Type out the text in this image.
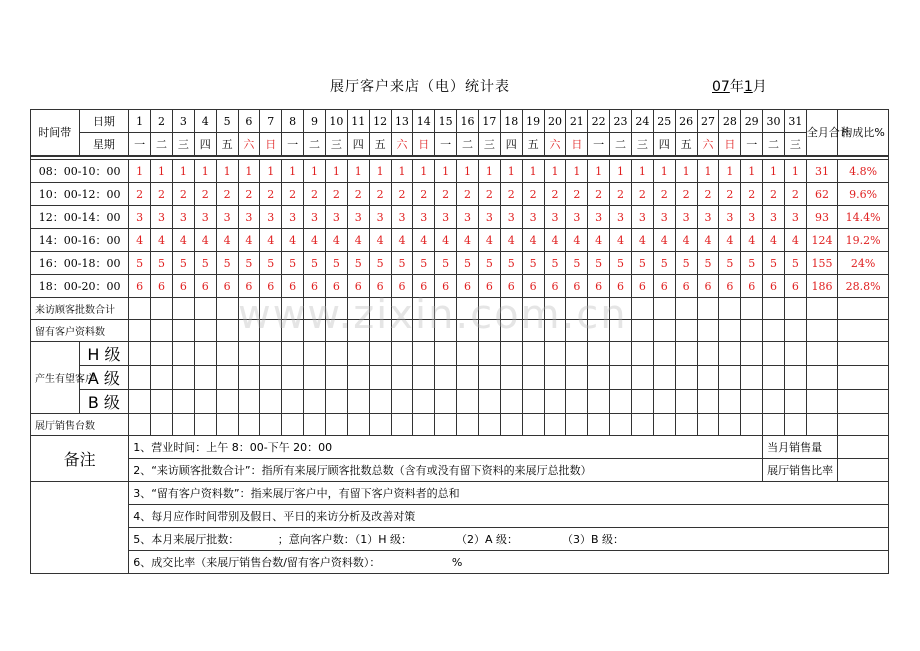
展厅客户来店（电）统计表	07年1月
时间带	日期	1	2	3	4	5	6	7	8	9	10	11	12	13	14	15	16	17	18	19	20	21	22	23	24	25	26	27	28	29	30	31	全月合计	构成比%
	星期	一	二	三	四	五	六	日	一	二	三	四	五	六	日	一	二	三	四	五	六	日	一	二	三	四	五	六	日	一	二	三		

08：00-10：00		1	1	1	1	1	1	1	1	1	1	1	1	1	1	1	1	1	1	1	1	1	1	1	1	1	1	1	1	1	1	1	31	4.8%
10：00-12：00		2	2	2	2	2	2	2	2	2	2	2	2	2	2	2	2	2	2	2	2	2	2	2	2	2	2	2	2	2	2	2	62	9.6%
12：00-14：00		3	3	3	3	3	3	3	3	3	3	3	3	3	3	3	3	3	3	3	3	3	3	3	3	3	3	3	3	3	3	3	93	14.4%
14：00-16：00		4	4	4	4	4	4	4	4	4	4	4	4	4	4	4	4	4	4	4	4	4	4	4	4	4	4	4	4	4	4	4	124	19.2%
16：00-18：00		5	5	5	5	5	5	5	5	5	5	5	5	5	5	5	5	5	5	5	5	5	5	5	5	5	5	5	5	5	5	5	155	24%
18：00-20：00		6	6	6	6	6	6	6	6	6	6	6	6	6	6	6	6	6	6	6	6	6	6	6	6	6	6	6	6	6	6	6	186	28.8%
来访顾客批数合计																																		
留有客户资料数																																		
产生有望客户	H 级																																	
	A 级																																	
	B 级																																	
展厅销售台数																																		
备注		1、营业时间：上午 8：00-下午 20：00																													当月销售量			
		2、“来访顾客批数合计”：指所有来展厅顾客批数总数（含有或没有留下资料的来展厅总批数）																													展厅销售比率			
		3、“留有客户资料数”：指来展厅客户中，有留下客户资料者的总和																																
		4、每月应作时间带别及假日、平日的来访分析及改善对策																																
		5、本月来展厅批数：　　　　；意向客户数：（1）H 级：　　　　　（2）A 级：　　　　　（3）B 级：																																
		6、成交比率（来展厅销售台数/留有客户资料数）：　　　　　　　%																																
www.zixin.com.cn
